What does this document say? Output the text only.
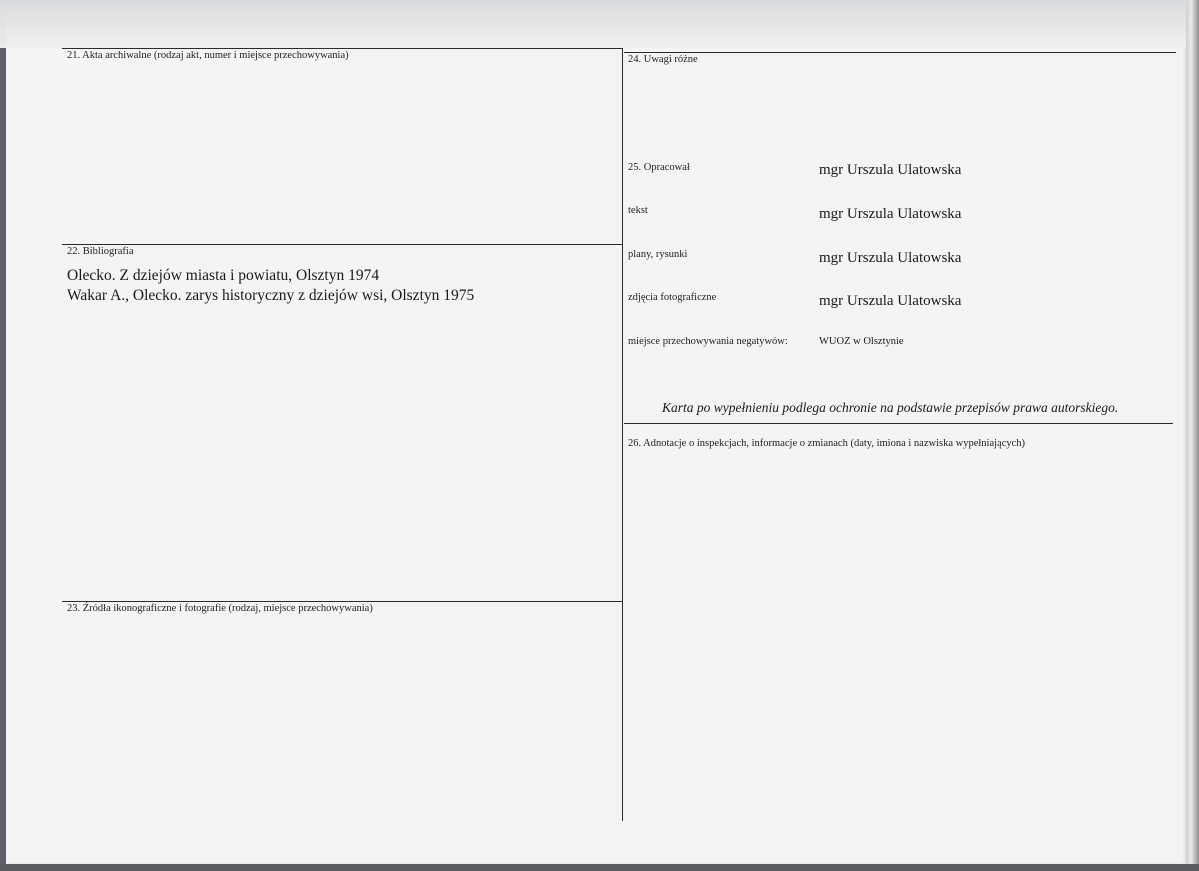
21. Akta archiwalne (rodzaj akt, numer i miejsce przechowywania)
22. Bibliografia
Olecko. Z dziejów miasta i powiatu, Olsztyn 1974
Wakar A., Olecko. zarys historyczny z dziejów wsi, Olsztyn 1975
23. Źródła ikonograficzne i fotografie (rodzaj, miejsce przechowywania)
24. Uwagi różne
25. Opracował	mgr Urszula Ulatowska
tekst	mgr Urszula Ulatowska
plany, rysunki	mgr Urszula Ulatowska
zdjęcia fotograficzne	mgr Urszula Ulatowska
miejsce przechowywania negatywów:	WUOZ w Olsztynie
Karta po wypełnieniu podlega ochronie na podstawie przepisów prawa autorskiego.
26. Adnotacje o inspekcjach, informacje o zmianach (daty, imiona i nazwiska wypełniających)
